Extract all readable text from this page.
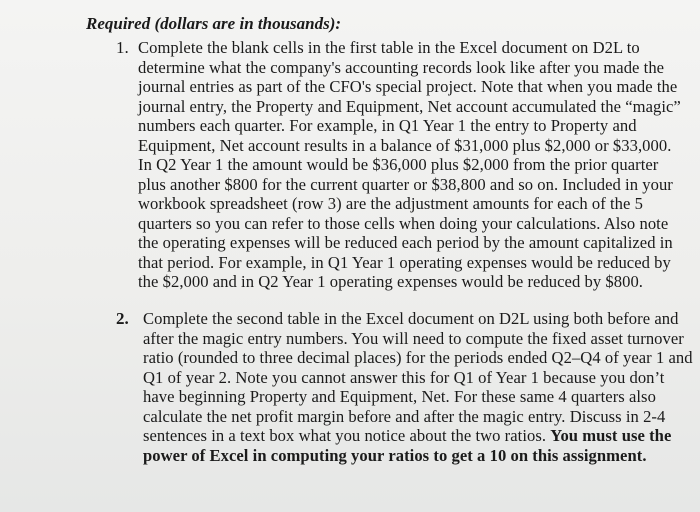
Required (dollars are in thousands):

1. Complete the blank cells in the first table in the Excel document on D2L to
determine what the company's accounting records look like after you made the
journal entries as part of the CFO's special project. Note that when you made the
journal entry, the Property and Equipment, Net account accumulated the “magic”
numbers each quarter. For example, in Q1 Year 1 the entry to Property and
Equipment, Net account results in a balance of $31,000 plus $2,000 or $33,000.
In Q2 Year 1 the amount would be $36,000 plus $2,000 from the prior quarter
plus another $800 for the current quarter or $38,800 and so on. Included in your
workbook spreadsheet (row 3) are the adjustment amounts for each of the 5
quarters so you can refer to those cells when doing your calculations. Also note
the operating expenses will be reduced each period by the amount capitalized in
that period. For example, in Q1 Year 1 operating expenses would be reduced by
the $2,000 and in Q2 Year 1 operating expenses would be reduced by $800.
2. Complete the second table in the Excel document on D2L using both before and
after the magic entry numbers. You will need to compute the fixed asset turnover
ratio (rounded to three decimal places) for the periods ended Q2–Q4 of year 1 and
Q1 of year 2. Note you cannot answer this for Q1 of Year 1 because you don’t
have beginning Property and Equipment, Net. For these same 4 quarters also
calculate the net profit margin before and after the magic entry. Discuss in 2-4
sentences in a text box what you notice about the two ratios. You must use the
power of Excel in computing your ratios to get a 10 on this assignment.
